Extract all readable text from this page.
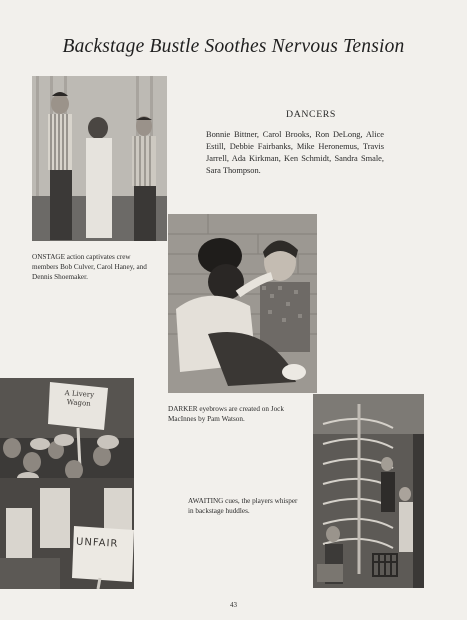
Backstage Bustle Soothes Nervous Tension
ONSTAGE action captivates crew members Bob Culver, Carol Haney, and Dennis Shoemaker.
DANCERS
Bonnie Bittner, Carol Brooks, Ron DeLong, Alice Estill, Debbie Fairbanks, Mike Heronemus, Travis Jarrell, Ada Kirkman, Ken Schmidt, Sandra Smale, Sara Thompson.
DARKER eyebrows are created on Jock MacInnes by Pam Watson.
A Livery Wagon
UNFAIR
AWAITING cues, the players whisper in backstage huddles.
43
